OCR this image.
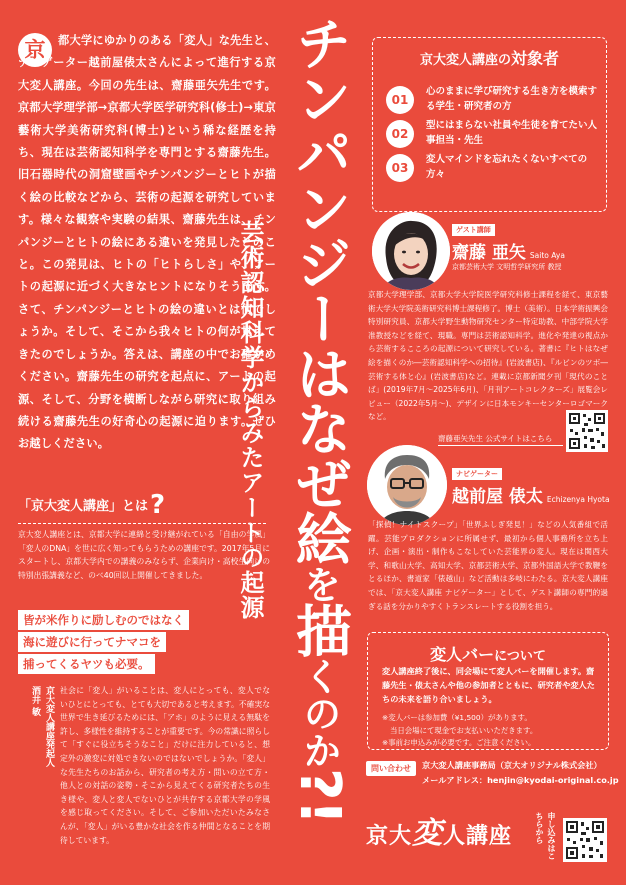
京	都大学にゆかりのある「変人」な先生と、ナビゲーター越前屋俵太さんによって進行する京大変人講座。今回の先生は、齋藤亜矢先生です。京都大学理学部→京都大学医学研究科(修士)→東京藝術大学美術研究科(博士)という稀な経歴を持ち、現在は芸術認知科学を専門とする齋藤先生。旧石器時代の洞窟壁画やチンパンジーとヒトが描く絵の比較などから、芸術の起源を研究しています。様々な観察や実験の結果、齋藤先生は、チンパンジーとヒトの絵にある違いを発見したとのこと。この発見は、ヒトの「ヒトらしさ」や、アートの起源に近づく大きなヒントになりそうです。さて、チンパンジーとヒトの絵の違いとは何でしょうか。そして、そこから我々ヒトの何が見えてきたのでしょうか。答えは、講座の中でお確かめください。齋藤先生の研究を起点に、アートの起源、そして、分野を横断しながら研究に取り組み続ける齋藤先生の好奇心の起源に迫ります。ぜひお越しください。
チンパンジーはなぜ絵を描くのか?!
芸術認知科学からみたアートの起源
京大変人講座の対象者
01
心のままに学び研究する生き方を模索する学生・研究者の方
02
型にはまらない社員や生徒を育てたい人事担当・先生
03
変人マインドを忘れたくないすべての方々
ゲスト講師
齋藤 亜矢 Saito Aya
京都芸術大学 文明哲学研究所 教授
京都大学理学部、京都大学大学院医学研究科修士課程を経て、東京藝術大学大学院美術研究科博士課程修了。博士（美術）。日本学術振興会特別研究員、京都大学野生動物研究センター特定助教、中部学院大学准教授などを経て、現職。専門は芸術認知科学。進化や発達の視点から芸術するこころの起源について研究している。著書に『ヒトはなぜ絵を描くのか―芸術認知科学への招待』(岩波書店)、『ルビンのツボ―芸術する体と心』(岩波書店)など。連載に京都新聞夕刊「現代のことば」(2019年7月～2025年6月)、「月刊アートコレクターズ」展覧会レビュー（2022年5月～)、デザインに日本モンキーセンターロゴマークなど。
齋藤亜矢先生 公式サイトはこちら
ナビゲーター
越前屋 俵太 Echizenya Hyota
「探偵！ナイトスクープ」「世界ふしぎ発見！」などの人気番組で活躍。芸能プロダクションに所属せず、最初から個人事務所を立ち上げ、企画・演出・制作もこなしていた芸能界の変人。現在は関西大学、和歌山大学、高知大学、京都芸術大学、京都外国語大学で教鞭をとるほか、書道家「俵越山」など活動は多岐にわたる。京大変人講座では、「京大変人講座 ナビゲーター」として、ゲスト講師の専門的過ぎる話を分かりやすくトランスレートする役割を担う。
変人バーについて
変人講座終了後に、同会場にて変人バーを開催します。齋藤先生・俵太さんや他の参加者とともに、研究者や変人たちの未来を語り合いましょう。
※変人バーは参加費（¥1,500）があります。
当日会場にて現金でお支払いいただきます。
※事前お申込みが必要です。ご注意ください。
問い合わせ	京大変人講座事務局（京大オリジナル株式会社）
メールアドレス：henjin@kyodai-original.co.jp
京大変人講座	申し込みはこちらから
「京大変人講座」とは?
京大変人講座とは、京都大学に連綿と受け継がれている「自由の学風」「変人のDNA」を世に広く知ってもらうための講座です。2017年5月にスタートし、京都大学内での講義のみならず、企業向け・高校生向けの特別出張講義など、のべ40回以上開催してきました。
皆が米作りに励しむのではなく
海に遊びに行ってナマコを
捕ってくるヤツも必要。
京大変人講座発起人
酒井 敏	社会に「変人」がいることは、変人にとっても、変人でないひとにとっても、とても大切であると考えます。不確実な世界で生き延びるためには、「アホ」のように見える無駄を許し、多様性を維持することが重要です。今の常識に照らして「すぐに役立ちそうなこと」だけに注力していると、想定外の激変に対処できないのではないでしょうか。「変人」な先生たちのお話から、研究者の考え方・問いの立て方・他人との対話の姿勢・そこから見えてくる研究者たちの生き様や、変人と変人でないひとが共存する京都大学の学風を感じ取ってください。そして、ご参加いただいたみなさんが、「変人」がいる豊かな社会を作る仲間となることを期待しています。
